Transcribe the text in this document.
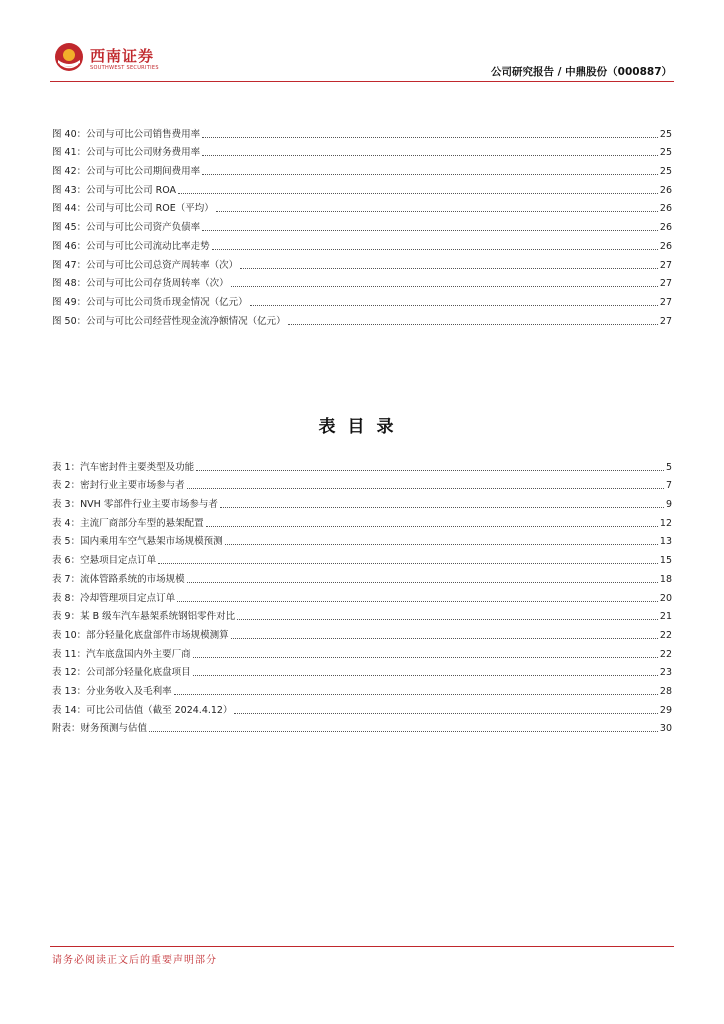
西南证券
SOUTHWEST SECURITIES	公司研究报告 / 中鼎股份（000887）
图 40：公司与可比公司销售费用率	25
图 41：公司与可比公司财务费用率	25
图 42：公司与可比公司期间费用率	25
图 43：公司与可比公司 ROA	26
图 44：公司与可比公司 ROE（平均）	26
图 45：公司与可比公司资产负债率	26
图 46：公司与可比公司流动比率走势	26
图 47：公司与可比公司总资产周转率（次）	27
图 48：公司与可比公司存货周转率（次）	27
图 49：公司与可比公司货币现金情况（亿元）	27
图 50：公司与可比公司经营性现金流净额情况（亿元）	27
表目录
表 1：汽车密封件主要类型及功能	5
表 2：密封行业主要市场参与者	7
表 3：NVH 零部件行业主要市场参与者	9
表 4：主流厂商部分车型的悬架配置	12
表 5：国内乘用车空气悬架市场规模预测	13
表 6：空悬项目定点订单	15
表 7：流体管路系统的市场规模	18
表 8：冷却管理项目定点订单	20
表 9：某 B 级车汽车悬架系统钢铝零件对比	21
表 10：部分轻量化底盘部件市场规模测算	22
表 11：汽车底盘国内外主要厂商	22
表 12：公司部分轻量化底盘项目	23
表 13：分业务收入及毛利率	28
表 14：可比公司估值（截至 2024.4.12）	29
附表：财务预测与估值	30
请务必阅读正文后的重要声明部分
